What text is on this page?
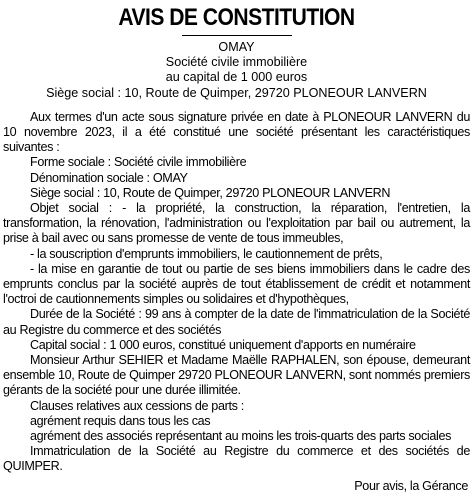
AVIS DE CONSTITUTION
OMAY
Société civile immobilière
au capital de 1 000 euros
Siège social : 10, Route de Quimper, 29720 PLONEOUR LANVERN

Aux termes d'un acte sous signature privée en date à PLONEOUR LANVERN du 10 novembre 2023, il a été constitué une société présentant les caractéristiques suivantes :

Forme sociale : Société civile immobilière

Dénomination sociale : OMAY

Siège social : 10, Route de Quimper, 29720 PLONEOUR LANVERN

Objet social : - la propriété, la construction, la réparation, l'entretien, la transformation, la rénovation, l'administration ou l'exploitation par bail ou autrement, la prise à bail avec ou sans promesse de vente de tous immeubles,

- la souscription d'emprunts immobiliers, le cautionnement de prêts,

- la mise en garantie de tout ou partie de ses biens immobiliers dans le cadre des emprunts conclus par la société auprès de tout établissement de crédit et notamment l'octroi de cautionnements simples ou solidaires et d'hypothèques,

Durée de la Société : 99 ans à compter de la date de l'immatriculation de la Société au Registre du commerce et des sociétés

Capital social : 1 000 euros, constitué uniquement d'apports en numéraire

Monsieur Arthur SEHIER et Madame Maëlle RAPHALEN, son épouse, demeurant ensemble 10, Route de Quimper 29720 PLONEOUR LANVERN, sont nommés premiers gérants de la société pour une durée illimitée.

Clauses relatives aux cessions de parts :

agrément requis dans tous les cas

agrément des associés représentant au moins les trois-quarts des parts sociales

Immatriculation de la Société au Registre du commerce et des sociétés de QUIMPER.

Pour avis, la Gérance
